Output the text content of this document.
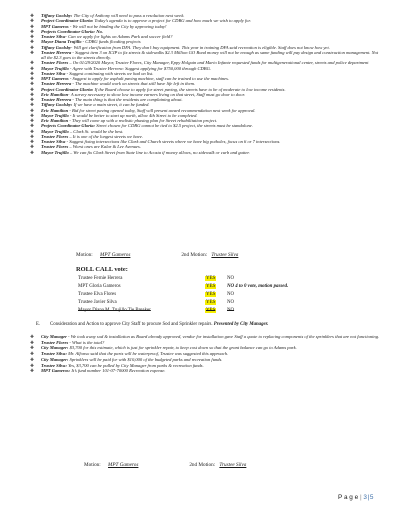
❖ Tiffany Goolsby: The City of Anthony will need to pass a resolution next week.
❖ Project Coordinator Gloria: Today’s agenda is to approve a project for CDBG and how much we wish to apply for.
❖ MPT Gameros - We will not be binding the City by approving today!
❖ Projects Coordinator Gloria: No.
❖ Trustee Silva- Can we apply for lights on Adams Park and soccer field?
❖ Mayor Diana Trujillo - CDBG funds flooding projects
❖ Tiffany Goolsby- Will get clarification from DFA. They don’t buy equipment. This year in training DFA said recreation is eligible. Staff does not know how yet.
❖ Trustee Herrera - Suggest item 3 on ICIP to fix streets & sidewalks $2.3 Million GO Bond money will not be enough as same funding will pay design and construction management. Not all the $2.3 goes to the streets directly.
❖ Trustee Flores – On 01/29/2020 Mayor, Trustee Flores, City Manager, Eppy Holguin and Mario Infante requested funds for multigenerational center, streets and police department
❖ Mayor Trujillo - Agree with Trustee Herrera: Suggest applying for $750,000 through CDBG.
❖ Trustee Silva - Suggest continuing with streets we had on list.
❖ MPT Gameros - Suggest to apply for asphalt paving machine, staff can be trained to use the machines.
❖ Trustee Herrera - The machine would work on streets that still have life left in them.
❖ Project Coordinator Gloria: If the Board choose to apply for street paving, the streets have to be of moderate to low income residents.
❖ Eric Hamilton- A survey necessary to show low income earners living on that street, Staff must go door to door.
❖ Trustee Herrera - The main thing is that the residents are complaining about.
❖ Tiffany Goolsby: If we have a main street, it can be funded.
❖ Eric Hamilton - Bid for street paving opened today, Staff will present award recommendation next week for approval.
❖ Mayor Trujillo - It would be better to start up north, allow 4th Street to be completed.
❖ Eric Hamilton - They will come up with a realistic phasing plan for Street rehabilitation project.
❖ Projects Coordinator Gloria: Street chosen for CDBG cannot be tied to $2.5 project, the streets must be standalone.
❖ Mayor Trujillo – Clark St. would be the best.
❖ Trustee Flores – It is one of the longest streets we have.
❖ Trustee Silva - Suggest fixing intersections like Clark and Church streets where we have big potholes, focus on 6 or 7 intersections.
❖ Trustee Flores – Worst ones are Kalar & Lee Avenues.
❖ Mayor Trujillo – We can fix Clark Street from State line to Acosta if money allows, no sidewalk or curb and gutter.
Motion: MPT Gameros	2nd Motion: Trustee Silva
ROLL CALL vote:
Trustee Fernie Herrera	YES	NO
MPT Gloria Gameros	YES	NO 4 to 0 vote, motion passed.
Trustee Elva Flores	YES	NO
Trustee Javier Silva	YES	NO
Mayor Diana M. Trujillo Tie Breaker	YES	NO
E.	Consideration and Action to approve City Staff to procure Sod and Sprinkler repairs. Presented by City Manager.
❖ City Manager - We took away sod & installation as Board already approved, vendor for installation gave Staff a quote to replacing components of the sprinklers that are not functioning.
❖ Trustee Flores - What is the total?
❖ City Manager: $3,700 for this estimate, which is just for sprinkler repair, to keep cost down so that the grant balance can go to Adams park.
❖ Trustee Silva: Mr. Alfonso said that the parts will be waterproof, Trustee was suggested this approach.
❖ City Manager: Sprinklers will be paid for with $10,000 of the budgeted parks and recreation funds.
❖ Trustee Silva: Yes, $3,700 can be pulled by City Manager from parks & recreation funds.
❖ MPT Gameros: It’s fund number 101-07-70000 Recreation expense.
Motion: MPT Gameros	2nd Motion: Trustee Silva
P a g e | 3|5
